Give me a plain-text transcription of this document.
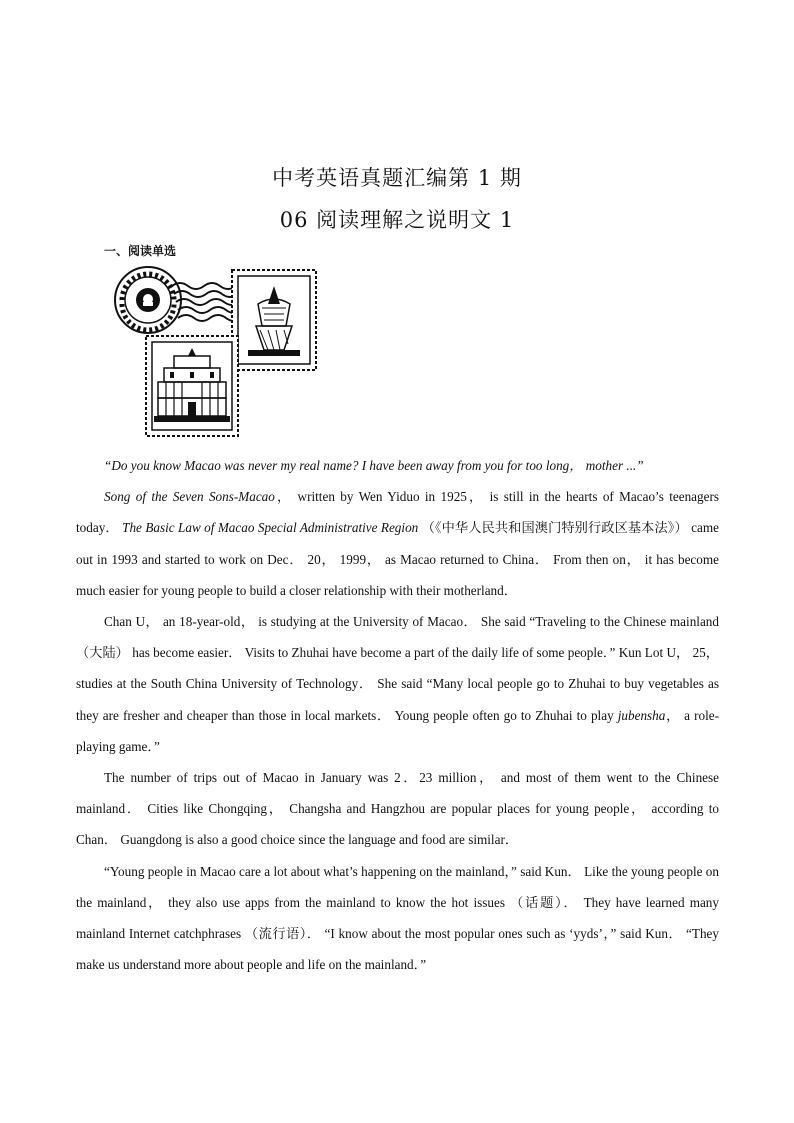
中考英语真题汇编第 1 期
06 阅读理解之说明文 1
一、阅读单选

“Do you know Macao was never my real name? I have been away from you for too long， mother ...”

Song of the Seven Sons-Macao， written by Wen Yiduo in 1925， is still in the hearts of Macao’s teenagers today． The Basic Law of Macao Special Administrative Region （《中华人民共和国澳门特别行政区基本法》） came out in 1993 and started to work on Dec． 20， 1999， as Macao returned to China． From then on， it has become much easier for young people to build a closer relationship with their motherland．

Chan U， an 18-year-old， is studying at the University of Macao． She said “Traveling to the Chinese mainland （大陆） has become easier． Visits to Zhuhai have become a part of the daily life of some people．” Kun Lot U， 25， studies at the South China University of Technology． She said “Many local people go to Zhuhai to buy vegetables as they are fresher and cheaper than those in local markets． Young people often go to Zhuhai to play jubensha， a role-playing game．”

The number of trips out of Macao in January was 2．23 million， and most of them went to the Chinese mainland． Cities like Chongqing， Changsha and Hangzhou are popular places for young people， according to Chan． Guangdong is also a good choice since the language and food are similar．

“Young people in Macao care a lot about what’s happening on the mainland，” said Kun． Like the young people on the mainland， they also use apps from the mainland to know the hot issues （话题）． They have learned many mainland Internet catchphrases （流行语）． “I know about the most popular ones such as ‘yyds’，” said Kun． “They make us understand more about people and life on the mainland．”
